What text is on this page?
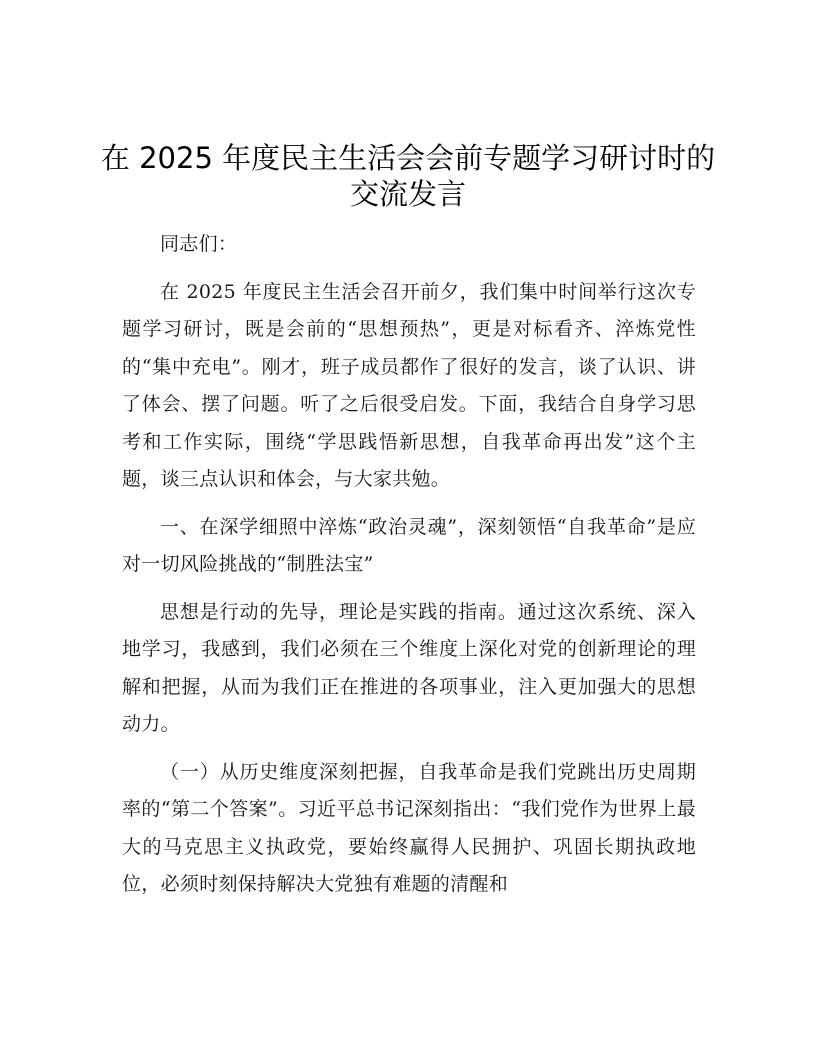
在 2025 年度民主生活会会前专题学习研讨时的
交流发言

同志们：

在 2025 年度民主生活会召开前夕，我们集中时间举行这次专题学习研讨，既是会前的“思想预热”，更是对标看齐、淬炼党性的“集中充电”。刚才，班子成员都作了很好的发言，谈了认识、讲了体会、摆了问题。听了之后很受启发。下面，我结合自身学习思考和工作实际，围绕“学思践悟新思想，自我革命再出发”这个主题，谈三点认识和体会，与大家共勉。

一、在深学细照中淬炼“政治灵魂”，深刻领悟“自我革命”是应对一切风险挑战的“制胜法宝”

思想是行动的先导，理论是实践的指南。通过这次系统、深入地学习，我感到，我们必须在三个维度上深化对党的创新理论的理解和把握，从而为我们正在推进的各项事业，注入更加强大的思想动力。

（一）从历史维度深刻把握，自我革命是我们党跳出历史周期率的“第二个答案”。习近平总书记深刻指出：“我们党作为世界上最大的马克思主义执政党，要始终赢得人民拥护、巩固长期执政地位，必须时刻保持解决大党独有难题的清醒和
